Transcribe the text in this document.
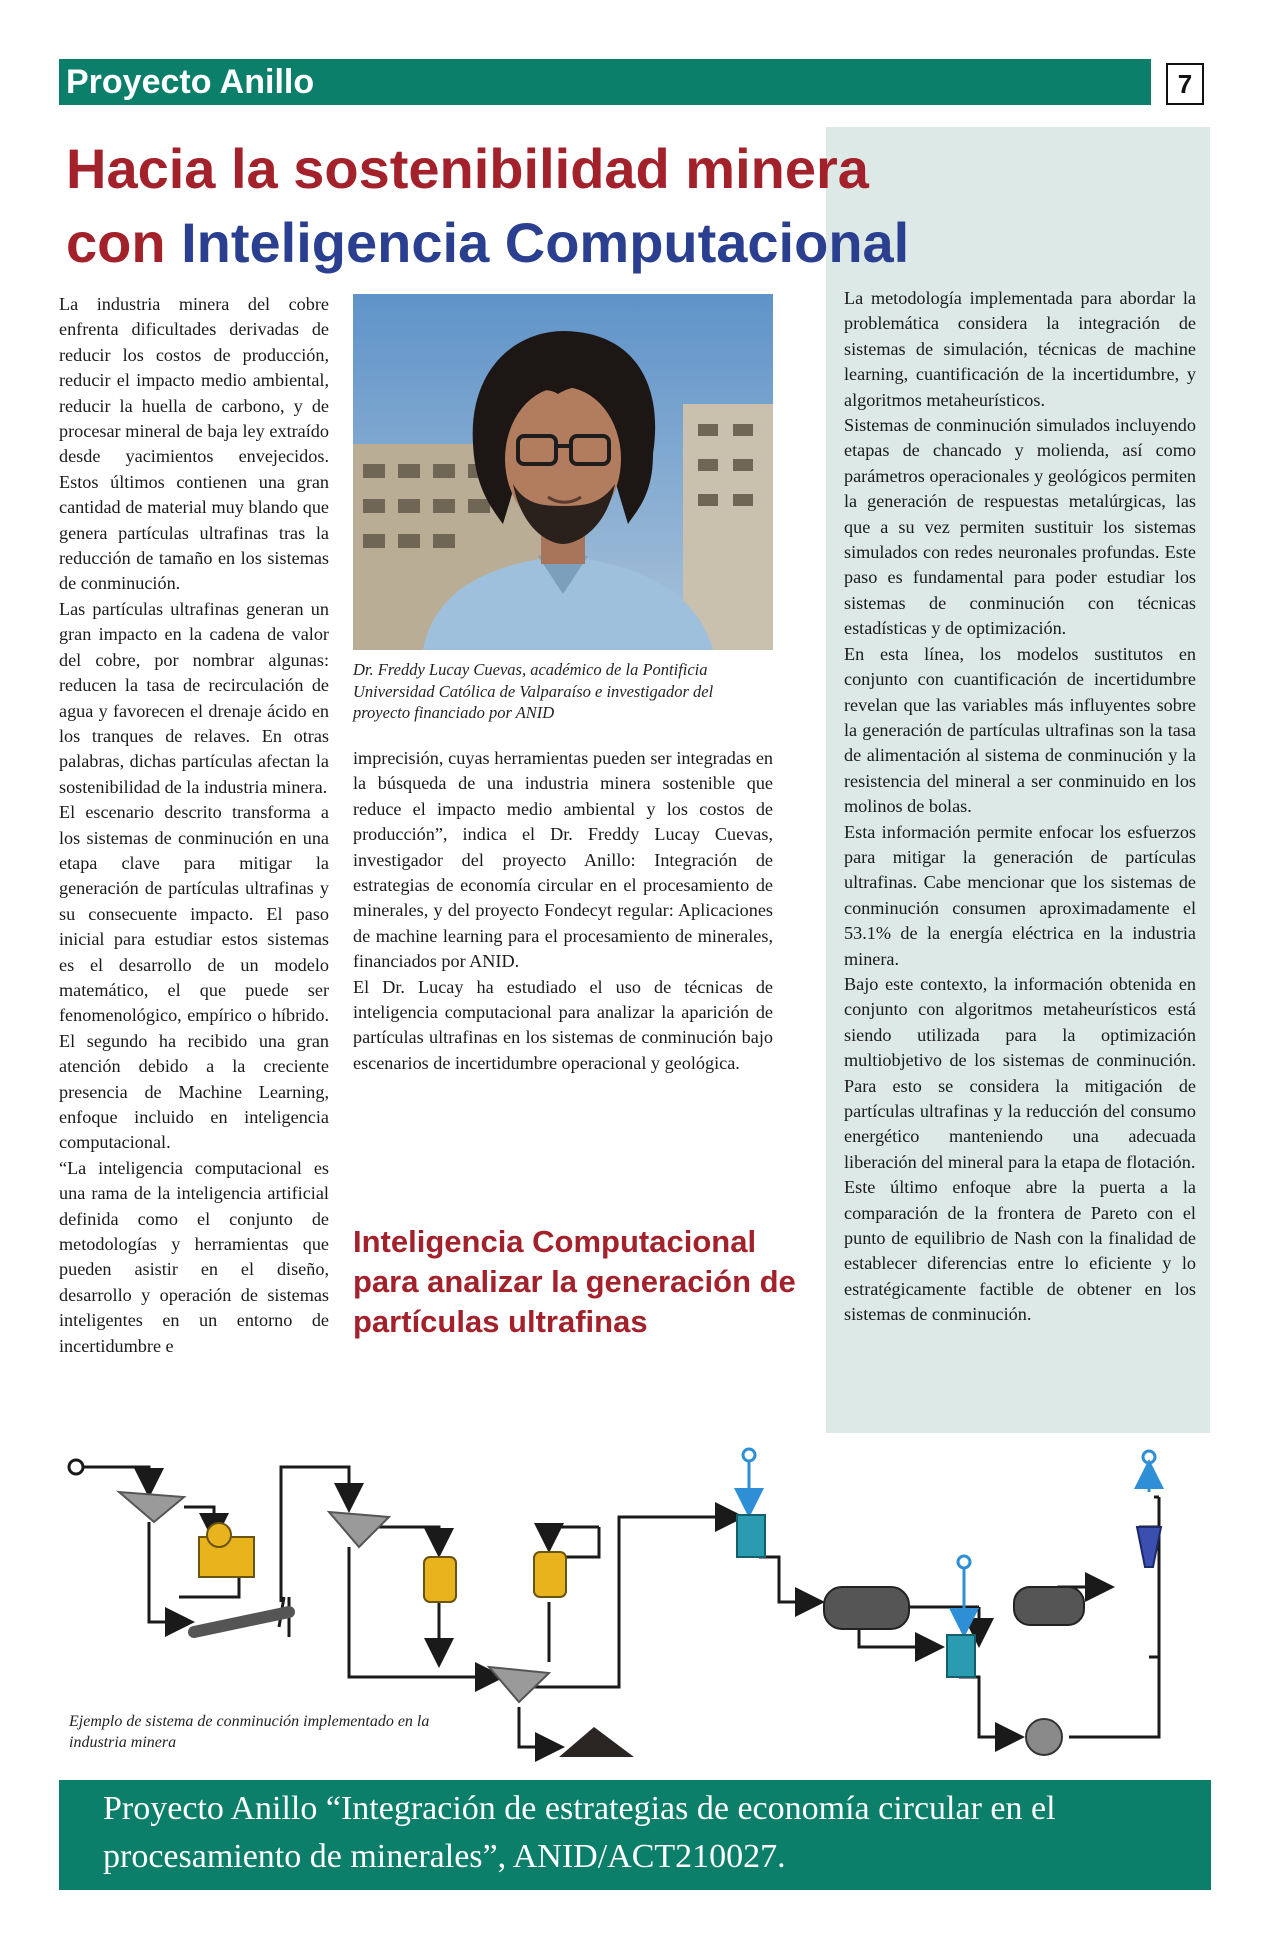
Proyecto Anillo	7
Hacia la sostenibilidad minera
con Inteligencia Computacional

La industria minera del cobre enfrenta dificultades derivadas de reducir los costos de producción, reducir el impacto medio ambiental, reducir la huella de carbono, y de procesar mineral de baja ley extraído desde yacimientos envejecidos. Estos últimos contienen una gran cantidad de material muy blando que genera partículas ultrafinas tras la reducción de tamaño en los sistemas de conminución.

Las partículas ultrafinas generan un gran impacto en la cadena de valor del cobre, por nombrar algunas: reducen la tasa de recirculación de agua y favorecen el drenaje ácido en los tranques de relaves. En otras palabras, dichas partículas afectan la sostenibilidad de la industria minera.

El escenario descrito transforma a los sistemas de conminución en una etapa clave para mitigar la generación de partículas ultrafinas y su consecuente impacto. El paso inicial para estudiar estos sistemas es el desarrollo de un modelo matemático, el que puede ser fenomenológico, empírico o híbrido. El segundo ha recibido una gran atención debido a la creciente presencia de Machine Learning, enfoque incluido en inteligencia computacional.

“La inteligencia computacional es una rama de la inteligencia artificial definida como el conjunto de metodologías y herramientas que pueden asistir en el diseño, desarrollo y operación de sistemas inteligentes en un entorno de incertidumbre e

Dr. Freddy Lucay Cuevas, académico de la Pontificia Universidad Católica de Valparaíso e investigador del proyecto financiado por ANID

imprecisión, cuyas herramientas pueden ser integradas en la búsqueda de una industria minera sostenible que reduce el impacto medio ambiental y los costos de producción”, indica el Dr. Freddy Lucay Cuevas, investigador del proyecto Anillo: Integración de estrategias de economía circular en el procesamiento de minerales, y del proyecto Fondecyt regular: Aplicaciones de machine learning para el procesamiento de minerales, financiados por ANID.

El Dr. Lucay ha estudiado el uso de técnicas de inteligencia computacional para analizar la aparición de partículas ultrafinas en los sistemas de conminución bajo escenarios de incertidumbre operacional y geológica.

Inteligencia Computacional para analizar la generación de partículas ultrafinas

La metodología implementada para abordar la problemática considera la integración de sistemas de simulación, técnicas de machine learning, cuantificación de la incertidumbre, y algoritmos metaheurísticos.

Sistemas de conminución simulados incluyendo etapas de chancado y molienda, así como parámetros operacionales y geológicos permiten la generación de respuestas metalúrgicas, las que a su vez permiten sustituir los sistemas simulados con redes neuronales profundas. Este paso es fundamental para poder estudiar los sistemas de conminución con técnicas estadísticas y de optimización.

En esta línea, los modelos sustitutos en conjunto con cuantificación de incertidumbre revelan que las variables más influyentes sobre la generación de partículas ultrafinas son la tasa de alimentación al sistema de conminución y la resistencia del mineral a ser conminuido en los molinos de bolas.

Esta información permite enfocar los esfuerzos para mitigar la generación de partículas ultrafinas. Cabe mencionar que los sistemas de conminución consumen aproximadamente el 53.1% de la energía eléctrica en la industria minera.

Bajo este contexto, la información obtenida en conjunto con algoritmos metaheurísticos está siendo utilizada para la optimización multiobjetivo de los sistemas de conminución. Para esto se considera la mitigación de partículas ultrafinas y la reducción del consumo energético manteniendo una adecuada liberación del mineral para la etapa de flotación.

Este último enfoque abre la puerta a la comparación de la frontera de Pareto con el punto de equilibrio de Nash con la finalidad de establecer diferencias entre lo eficiente y lo estratégicamente factible de obtener en los sistemas de conminución.

Ejemplo de sistema de conminución implementado en la industria minera
Proyecto Anillo “Integración de estrategias de economía circular en el procesamiento de minerales”, ANID/ACT210027.
